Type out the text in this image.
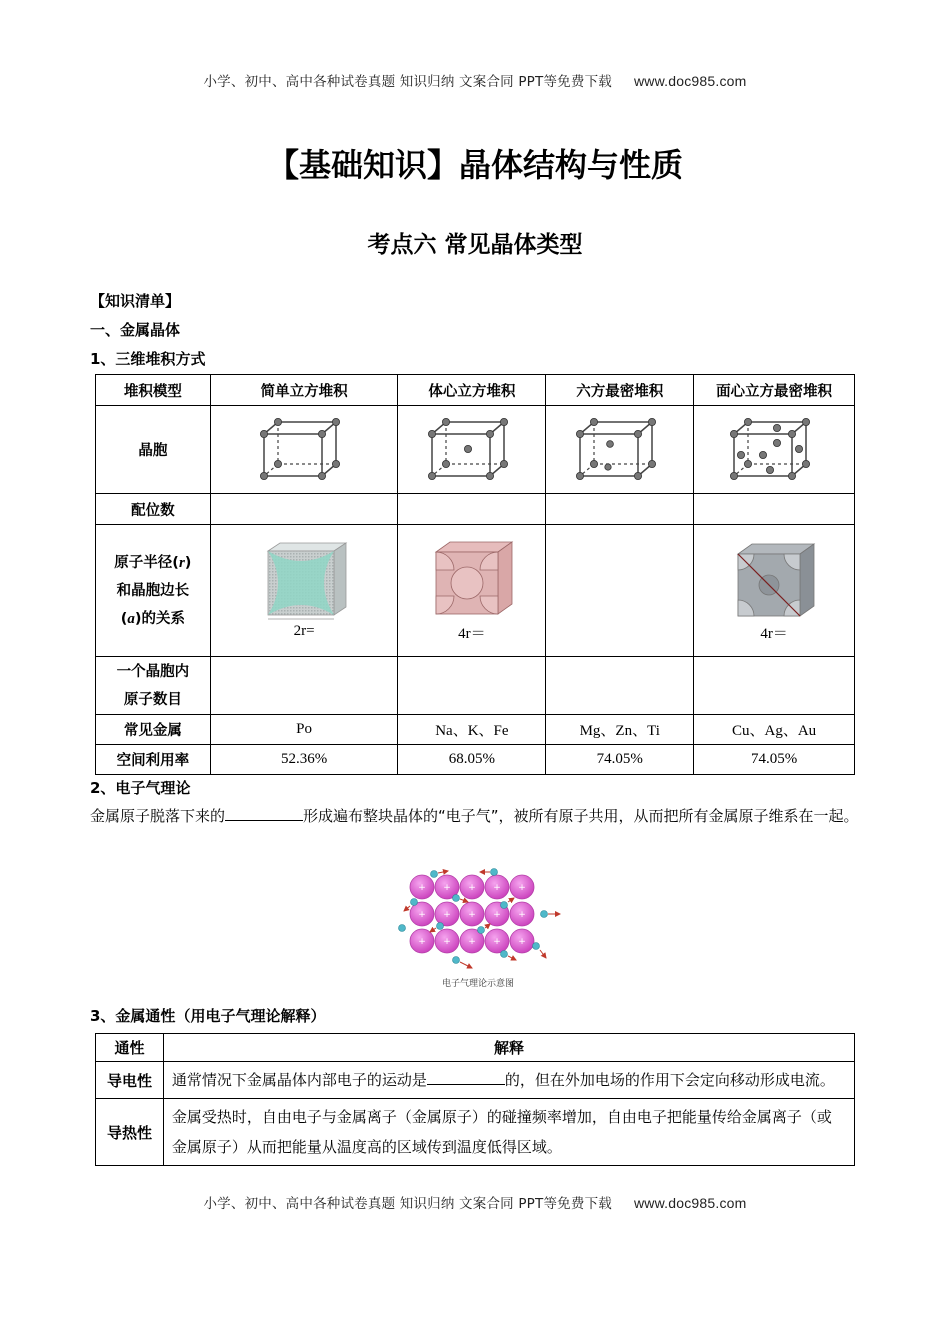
小学、初中、高中各种试卷真题 知识归纳 文案合同 PPT等免费下载 www.doc985.com
【基础知识】晶体结构与性质
考点六 常见晶体类型
【知识清单】
一、金属晶体
1、三维堆积方式
堆积模型	简单立方堆积	体心立方堆积	六方最密堆积	面心立方最密堆积
晶胞				
配位数				
原子半径(r)
和晶胞边长
(a)的关系	2r=	4r＝		4r＝

一个晶胞内
原子数目				
常见金属	Po	Na、K、Fe	Mg、Zn、Ti	Cu、Ag、Au
空间利用率	52.36%	68.05%	74.05%	74.05%
2、电子气理论
金属原子脱落下来的	形成遍布整块晶体的“电子气”，被所有原子共用，从而把所有金属原子维系在一起。
+ + + + +
+ + + + +
+ + + + +
电子气理论示意图
3、金属通性（用电子气理论解释）
通性	解释
导电性	通常情况下金属晶体内部电子的运动是 的，但在外加电场的作用下会定向移动形成电流。
导热性	金属受热时，自由电子与金属离子（金属原子）的碰撞频率增加，自由电子把能量传给金属离子（或金属原子）从而把能量从温度高的区域传到温度低得区域。
小学、初中、高中各种试卷真题 知识归纳 文案合同 PPT等免费下载 www.doc985.com
